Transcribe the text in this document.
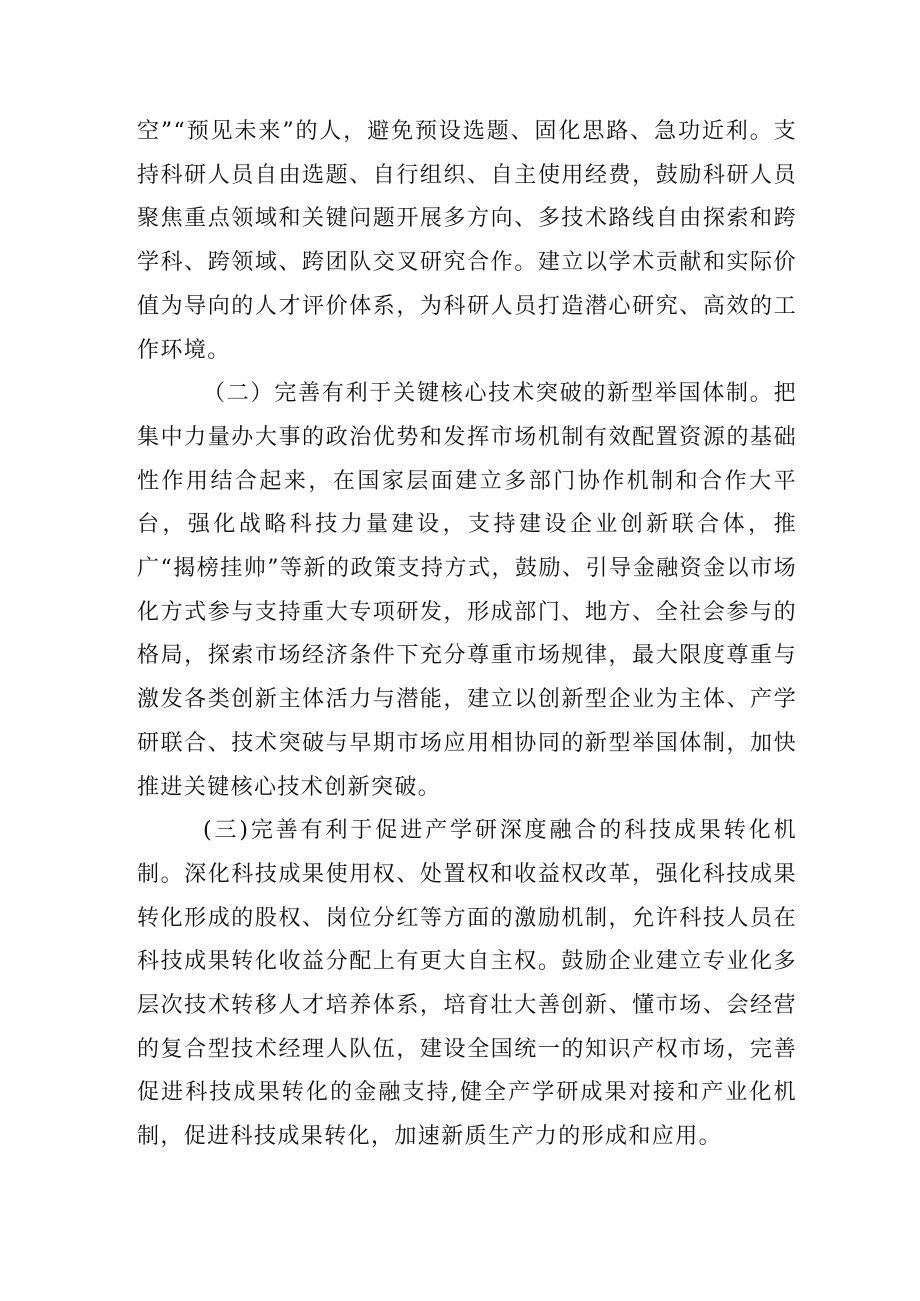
空”“预见未来”的人，避免预设选题、固化思路、急功近利。支持科研人员自由选题、自行组织、自主使用经费，鼓励科研人员聚焦重点领域和关键问题开展多方向、多技术路线自由探索和跨学科、跨领域、跨团队交叉研究合作。建立以学术贡献和实际价值为导向的人才评价体系，为科研人员打造潜心研究、高效的工作环境。

（二）完善有利于关键核心技术突破的新型举国体制。把集中力量办大事的政治优势和发挥市场机制有效配置资源的基础性作用结合起来，在国家层面建立多部门协作机制和合作大平台，强化战略科技力量建设，支持建设企业创新联合体，推广“揭榜挂帅”等新的政策支持方式，鼓励、引导金融资金以市场化方式参与支持重大专项研发，形成部门、地方、全社会参与的格局，探索市场经济条件下充分尊重市场规律，最大限度尊重与激发各类创新主体活力与潜能，建立以创新型企业为主体、产学研联合、技术突破与早期市场应用相协同的新型举国体制，加快推进关键核心技术创新突破。

(三)完善有利于促进产学研深度融合的科技成果转化机制。深化科技成果使用权、处置权和收益权改革，强化科技成果转化形成的股权、岗位分红等方面的激励机制，允许科技人员在科技成果转化收益分配上有更大自主权。鼓励企业建立专业化多层次技术转移人才培养体系，培育壮大善创新、懂市场、会经营的复合型技术经理人队伍，建设全国统一的知识产权市场，完善促进科技成果转化的金融支持,健全产学研成果对接和产业化机制，促进科技成果转化，加速新质生产力的形成和应用。
